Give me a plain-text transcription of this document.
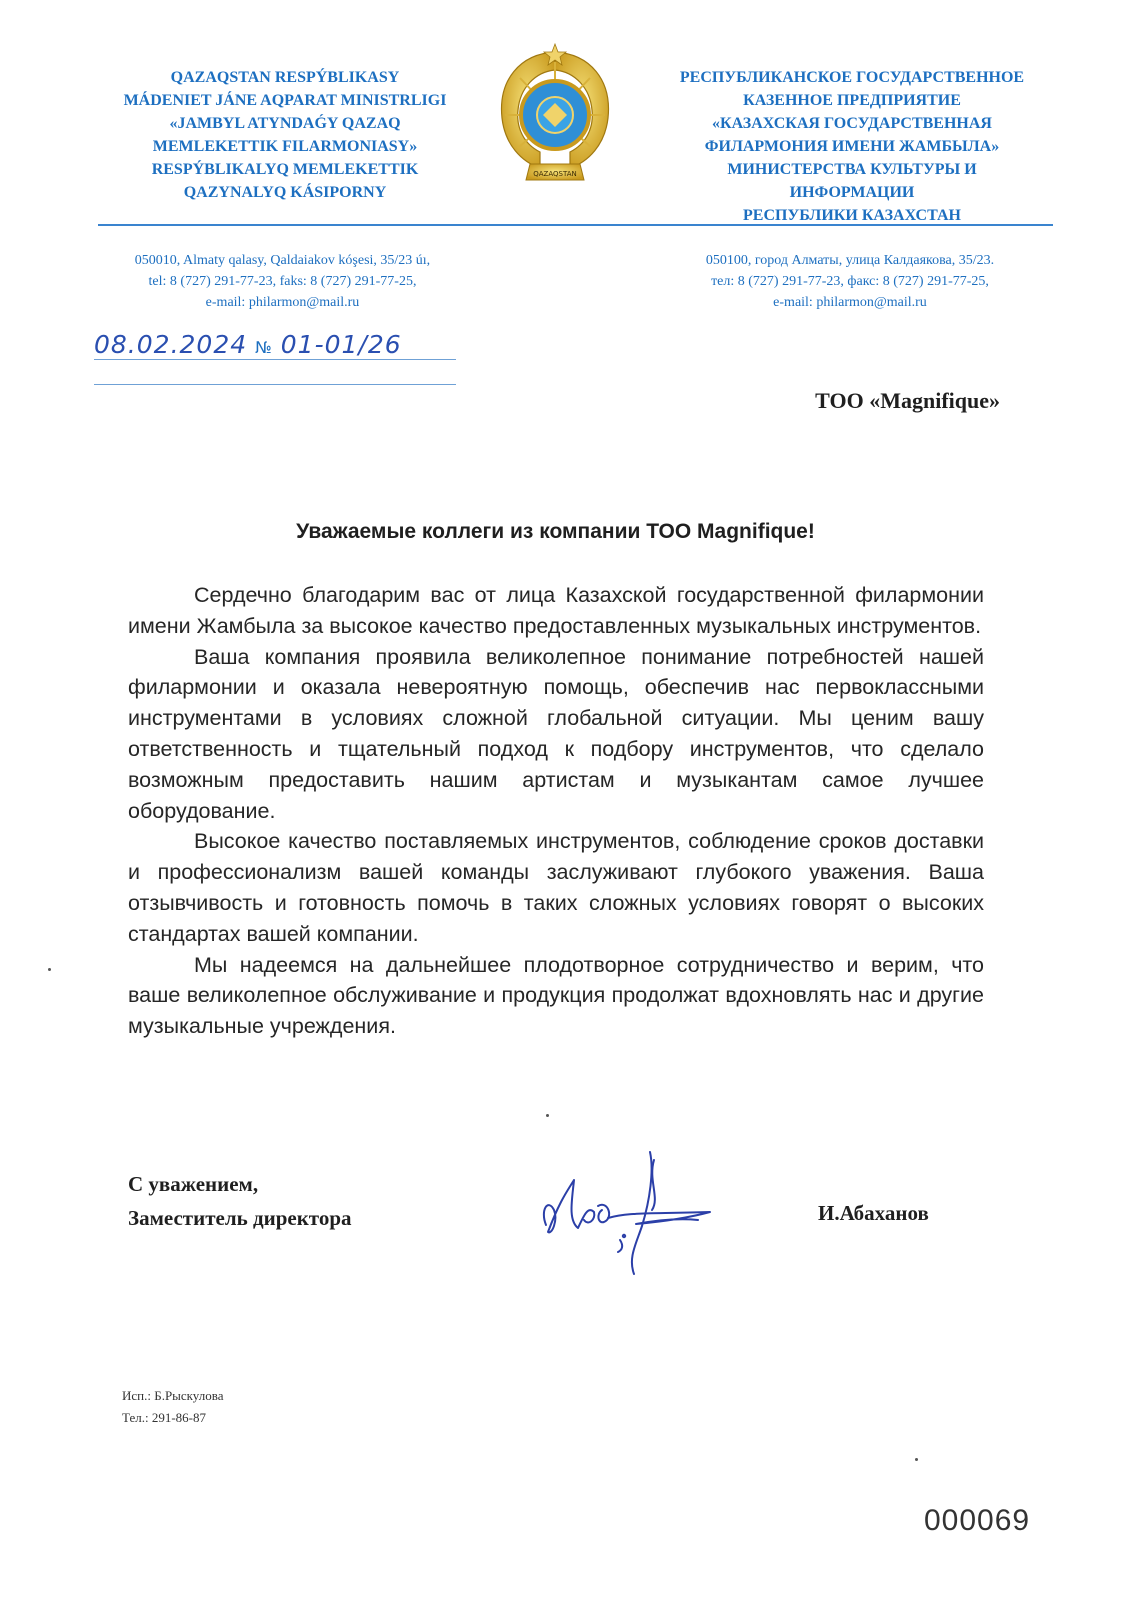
QAZAQSTAN RESPÝBLIKASY
MÁDENIET JÁNE AQPARAT MINISTRLIGI
«JAMBYL ATYNDAǴY QAZAQ
MEMLEKETTIK FILARMONIASY»
RESPÝBLIKALYQ MEMLEKETTIK
QAZYNALYQ KÁSIPORNY
QAZAQSTAN
РЕСПУБЛИКАНСКОЕ ГОСУДАРСТВЕННОЕ
КАЗЕННОЕ ПРЕДПРИЯТИЕ
«КАЗАХСКАЯ ГОСУДАРСТВЕННАЯ
ФИЛАРМОНИЯ ИМЕНИ ЖАМБЫЛА»
МИНИСТЕРСТВА КУЛЬТУРЫ И
ИНФОРМАЦИИ
РЕСПУБЛИКИ КАЗАХСТАН
050010, Almaty qalasy, Qaldaiakov kóşesi, 35/23 úı,
tel: 8 (727) 291-77-23, faks: 8 (727) 291-77-25,
e-mail: philarmon@mail.ru
050100, город Алматы, улица Калдаякова, 35/23.
тел: 8 (727) 291-77-23, факс: 8 (727) 291-77-25,
e-mail: philarmon@mail.ru
08.02.2024 № 01-01/26
ТОО «Magnifique»
Уважаемые коллеги из компании ТОО Magnifique!

Сердечно благодарим вас от лица Казахской государственной филармонии имени Жамбыла за высокое качество предоставленных музыкальных инструментов.

Ваша компания проявила великолепное понимание потребностей нашей филармонии и оказала невероятную помощь, обеспечив нас первоклассными инструментами в условиях сложной глобальной ситуации. Мы ценим вашу ответственность и тщательный подход к подбору инструментов, что сделало возможным предоставить нашим артистам и музыкантам самое лучшее оборудование.

Высокое качество поставляемых инструментов, соблюдение сроков доставки и профессионализм вашей команды заслуживают глубокого уважения. Ваша отзывчивость и готовность помочь в таких сложных условиях говорят о высоких стандартах вашей компании.

Мы надеемся на дальнейшее плодотворное сотрудничество и верим, что ваше великолепное обслуживание и продукция продолжат вдохновлять нас и другие музыкальные учреждения.

С уважением,
Заместитель директора	И.Абаханов
Исп.: Б.Рыскулова
Тел.: 291-86-87
000069
